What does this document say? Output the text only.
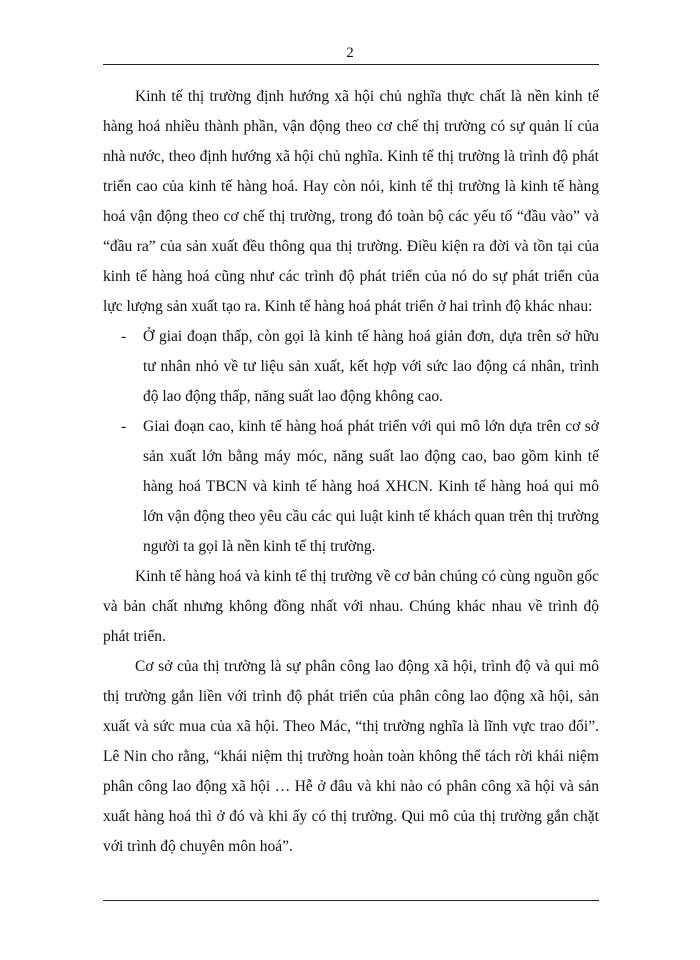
2

Kinh tế thị trường định hướng xã hội chủ nghĩa thực chất là nền kinh tế hàng hoá nhiều thành phần, vận động theo cơ chế thị trường có sự quản lí của nhà nước, theo định hướng xã hội chủ nghĩa. Kinh tế thị trường là trình độ phát triển cao của kinh tế hàng hoá. Hay còn nói, kinh tế thị trường là kinh tế hàng hoá vận động theo cơ chế thị trường, trong đó toàn bộ các yếu tố “đầu vào” và “đầu ra” của sản xuất đều thông qua thị trường. Điều kiện ra đời và tồn tại của kinh tế hàng hoá cũng như các trình độ phát triển của nó do sự phát triển của lực lượng sản xuất tạo ra. Kinh tế hàng hoá phát triển ở hai trình độ khác nhau:

- Ở giai đoạn thấp, còn gọi là kinh tế hàng hoá giản đơn, dựa trên sở hữu tư nhân nhỏ về tư liệu sản xuất, kết hợp với sức lao động cá nhân, trình độ lao động thấp, năng suất lao động không cao.
- Giai đoạn cao, kinh tế hàng hoá phát triển với qui mô lớn dựa trên cơ sở sản xuất lớn bằng máy móc, năng suất lao động cao, bao gồm kinh tế hàng hoá TBCN và kinh tế hàng hoá XHCN. Kinh tế hàng hoá qui mô lớn vận động theo yêu cầu các qui luật kinh tế khách quan trên thị trường người ta gọi là nền kinh tế thị trường.

Kinh tế hàng hoá và kinh tế thị trường về cơ bản chúng có cùng nguồn gốc và bản chất nhưng không đồng nhất với nhau. Chúng khác nhau về trình độ phát triển.

Cơ sở của thị trường là sự phân công lao động xã hội, trình độ và qui mô thị trường gắn liền với trình độ phát triển của phân công lao động xã hội, sản xuất và sức mua của xã hội. Theo Mác, “thị trường nghĩa là lĩnh vực trao đổi”. Lê Nin cho rằng, “khái niệm thị trường hoàn toàn không thể tách rời khái niệm phân công lao động xã hội … Hễ ở đâu và khi nào có phân công xã hội và sản xuất hàng hoá thì ở đó và khi ấy có thị trường. Qui mô của thị trường gắn chặt với trình độ chuyên môn hoá”.
